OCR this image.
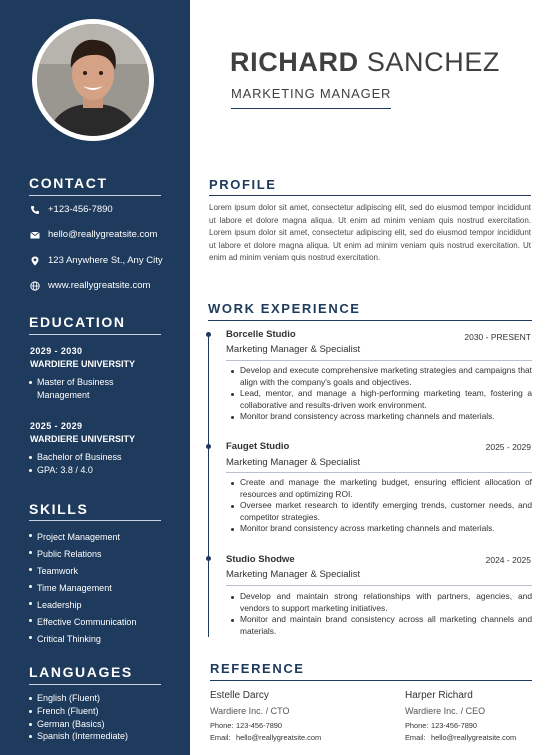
CONTACT
+123-456-7890
hello@reallygreatsite.com
123 Anywhere St., Any City
www.reallygreatsite.com
EDUCATION
2029 - 2030
WARDIERE UNIVERSITY
Master of Business Management
2025 - 2029
WARDIERE UNIVERSITY
Bachelor of Business
GPA: 3.8 / 4.0
SKILLS
Project Management
Public Relations
Teamwork
Time Management
Leadership
Effective Communication
Critical Thinking
LANGUAGES
English (Fluent)
French (Fluent)
German (Basics)
Spanish (Intermediate)
RICHARD SANCHEZ
MARKETING MANAGER
PROFILE
Lorem ipsum dolor sit amet, consectetur adipiscing elit, sed do eiusmod tempor incididunt ut labore et dolore magna aliqua. Ut enim ad minim veniam quis nostrud exercitation. Lorem ipsum dolor sit amet, consectetur adipiscing elit, sed do eiusmod tempor incididunt ut labore et dolore magna aliqua. Ut enim ad minim veniam quis nostrud exercitation. Ut enim ad minim veniam quis nostrud exercitation.
WORK EXPERIENCE
Borcelle Studio	2030 - PRESENT
Marketing Manager & Specialist
Develop and execute comprehensive marketing strategies and campaigns that align with the company's goals and objectives.
Lead, mentor, and manage a high-performing marketing team, fostering a collaborative and results-driven work environment.
Monitor brand consistency across marketing channels and materials.
Fauget Studio	2025 - 2029
Marketing Manager & Specialist
Create and manage the marketing budget, ensuring efficient allocation of resources and optimizing ROI.
Oversee market research to identify emerging trends, customer needs, and competitor strategies.
Monitor brand consistency across marketing channels and materials.
Studio Shodwe	2024 - 2025
Marketing Manager & Specialist
Develop and maintain strong relationships with partners, agencies, and vendors to support marketing initiatives.
Monitor and maintain brand consistency across all marketing channels and materials.
REFERENCE
Estelle Darcy
Wardiere Inc. / CTO
Phone: 123-456-7890
Email: hello@reallygreatsite.com
Harper Richard
Wardiere Inc. / CEO
Phone: 123-456-7890
Email: hello@reallygreatsite.com
